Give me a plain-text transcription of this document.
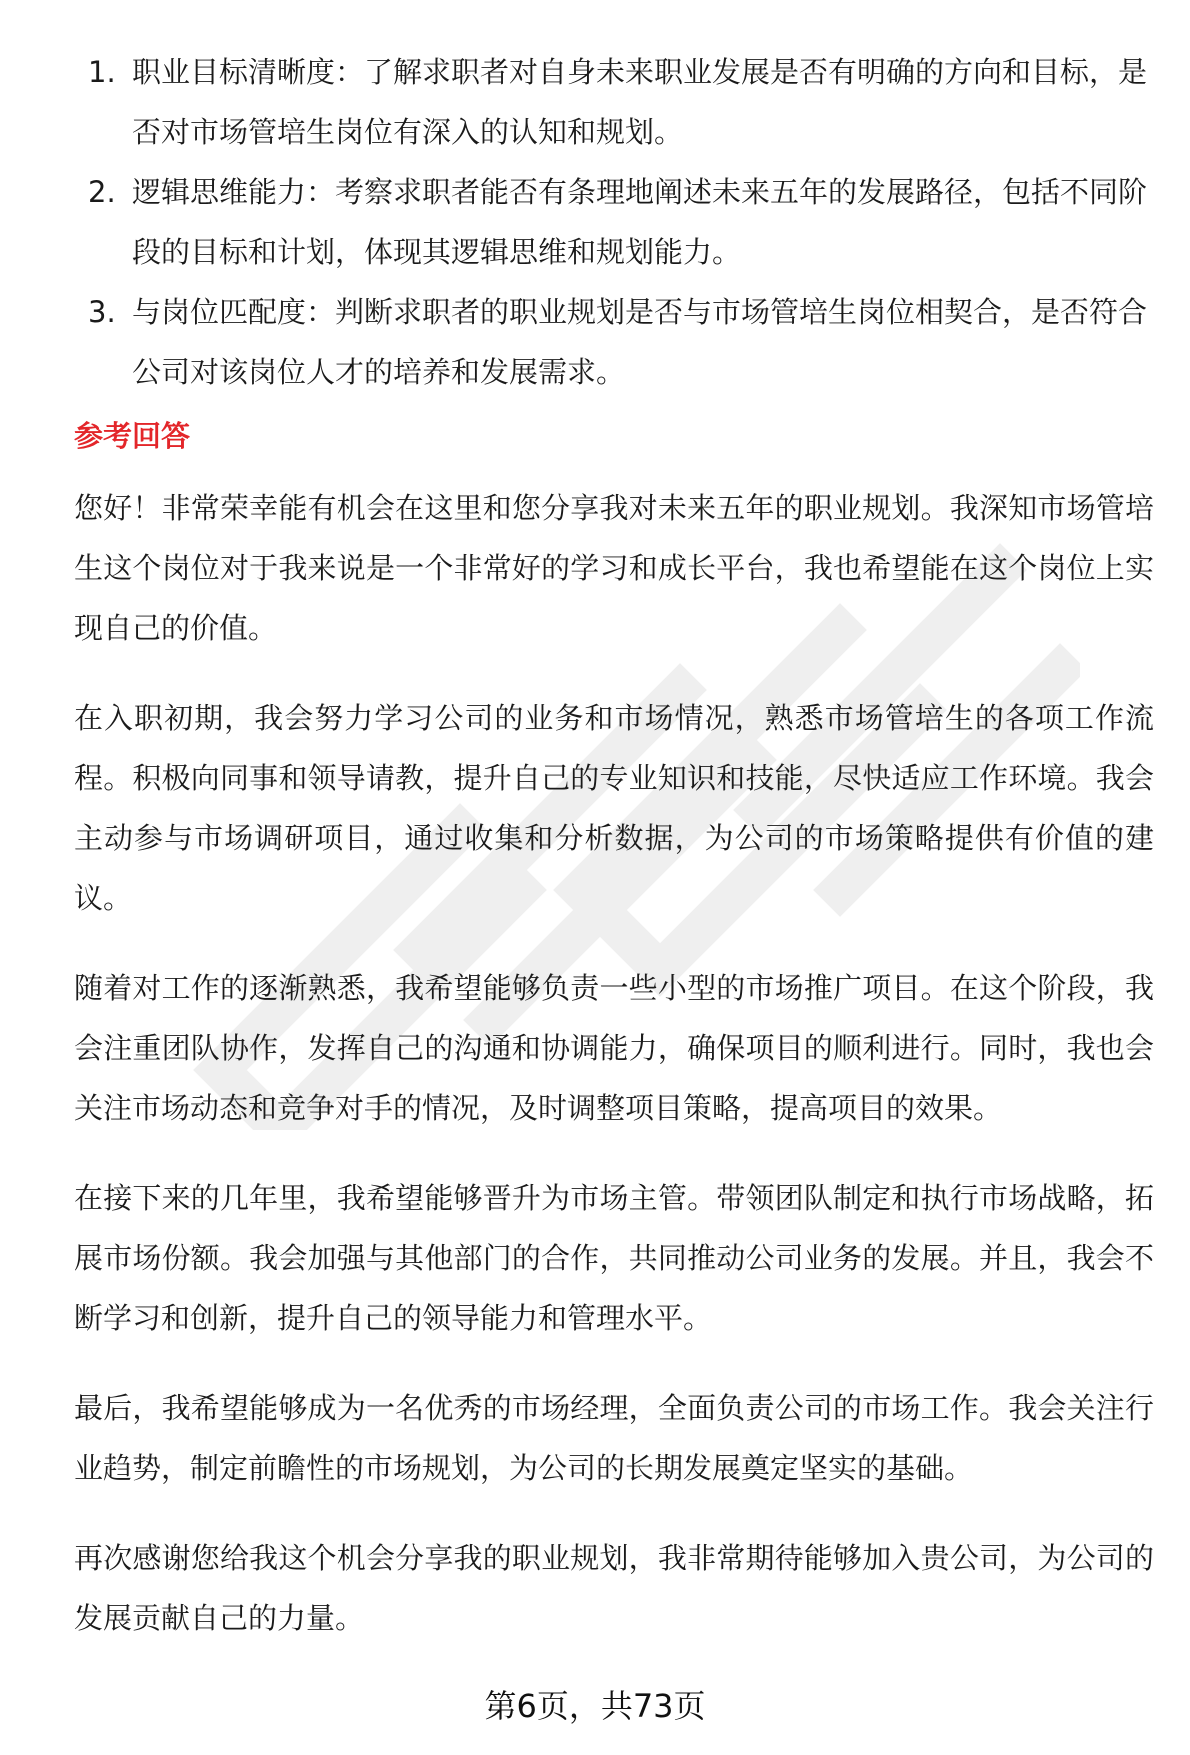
1. 职业目标清晰度：了解求职者对自身未来职业发展是否有明确的方向和目标，是否对市场管培生岗位有深入的认知和规划。
2. 逻辑思维能力：考察求职者能否有条理地阐述未来五年的发展路径，包括不同阶段的目标和计划，体现其逻辑思维和规划能力。
3. 与岗位匹配度：判断求职者的职业规划是否与市场管培生岗位相契合，是否符合公司对该岗位人才的培养和发展需求。
参考回答

您好！非常荣幸能有机会在这里和您分享我对未来五年的职业规划。我深知市场管培生这个岗位对于我来说是一个非常好的学习和成长平台，我也希望能在这个岗位上实现自己的价值。

在入职初期，我会努力学习公司的业务和市场情况，熟悉市场管培生的各项工作流程。积极向同事和领导请教，提升自己的专业知识和技能，尽快适应工作环境。我会主动参与市场调研项目，通过收集和分析数据，为公司的市场策略提供有价值的建议。

随着对工作的逐渐熟悉，我希望能够负责一些小型的市场推广项目。在这个阶段，我会注重团队协作，发挥自己的沟通和协调能力，确保项目的顺利进行。同时，我也会关注市场动态和竞争对手的情况，及时调整项目策略，提高项目的效果。

在接下来的几年里，我希望能够晋升为市场主管。带领团队制定和执行市场战略，拓展市场份额。我会加强与其他部门的合作，共同推动公司业务的发展。并且，我会不断学习和创新，提升自己的领导能力和管理水平。

最后，我希望能够成为一名优秀的市场经理，全面负责公司的市场工作。我会关注行业趋势，制定前瞻性的市场规划，为公司的长期发展奠定坚实的基础。

再次感谢您给我这个机会分享我的职业规划，我非常期待能够加入贵公司，为公司的发展贡献自己的力量。

第6页，共73页
